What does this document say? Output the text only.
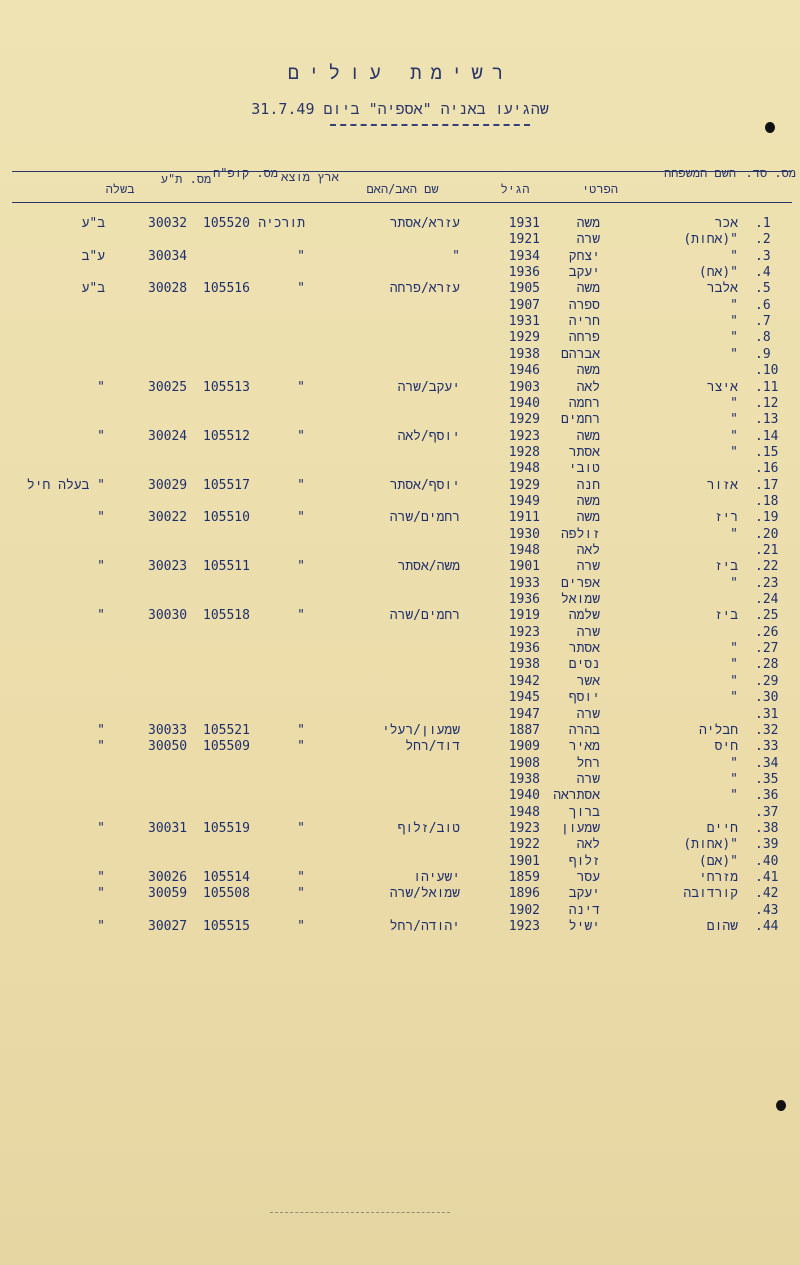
רשימת עולים
שהגיעו באניה "אספיה" ביום 31.7.49
מס. סד.
השם המשפחה
הפרטי
הגיל
שם האב/האם
ארץ מוצא
מס. קופ"ח
מס. ת"ע
בשלה
.1
אכר
משה
1931
עזרא/אסתר
תורכיה
105520
30032
ב"ע
.2
"(אחות)
שרה
1921
.3
"
יצחק
1934
"
"
30034
ע"ב
.4
"(אח)
יעקב
1936
.5
אלבר
משה
1905
עזרא/פרחה
"
105516
30028
ב"ע
.6
"
ספרה
1907
.7
"
חריה
1931
.8
"
פרחה
1929
.9
"
אברהם
1938
.10
משה
1946
.11
איצר
לאה
1903
יעקב/שרה
"
105513
30025
"
.12
"
רחמה
1940
.13
"
רחמים
1929
.14
"
משה
1923
יוסף/לאה
"
105512
30024
"
.15
"
אסתר
1928
.16
טובי
1948
.17
אזור
חנה
1929
יוסף/אסתר
"
105517
30029
" בעלה חיל
.18
משה
1949
.19
ריז
משה
1911
רחמים/שרה
"
105510
30022
"
.20
"
זולפה
1930
.21
לאה
1948
.22
ביז
שרה
1901
משה/אסתר
"
105511
30023
"
.23
"
אפרים
1933
.24
שמואל
1936
.25
ביז
שלמה
1919
רחמים/שרה
"
105518
30030
"
.26
שרה
1923
.27
"
אסתר
1936
.28
"
נסים
1938
.29
"
אשר
1942
.30
"
יוסף
1945
.31
שרה
1947
.32
חבליה
בהרה
1887
שמעון/רעלי
"
105521
30033
"
.33
חיס
מאיר
1909
דוד/רחל
"
105509
30050
"
.34
"
רחל
1908
.35
"
שרה
1938
.36
"
אסתראה
1940
.37
ברוך
1948
.38
חיים
שמעון
1923
טוב/זלוף
"
105519
30031
"
.39
"(אחות)
לאה
1922
.40
"(אם)
זלוף
1901
.41
מזרחי
עסר
1859
ישעיהו
"
105514
30026
"
.42
קורדובה
יעקב
1896
שמואל/שרה
"
105508
30059
"
.43
דינה
1902
.44
שהום
ישיל
1923
יהודה/רחל
"
105515
30027
"
